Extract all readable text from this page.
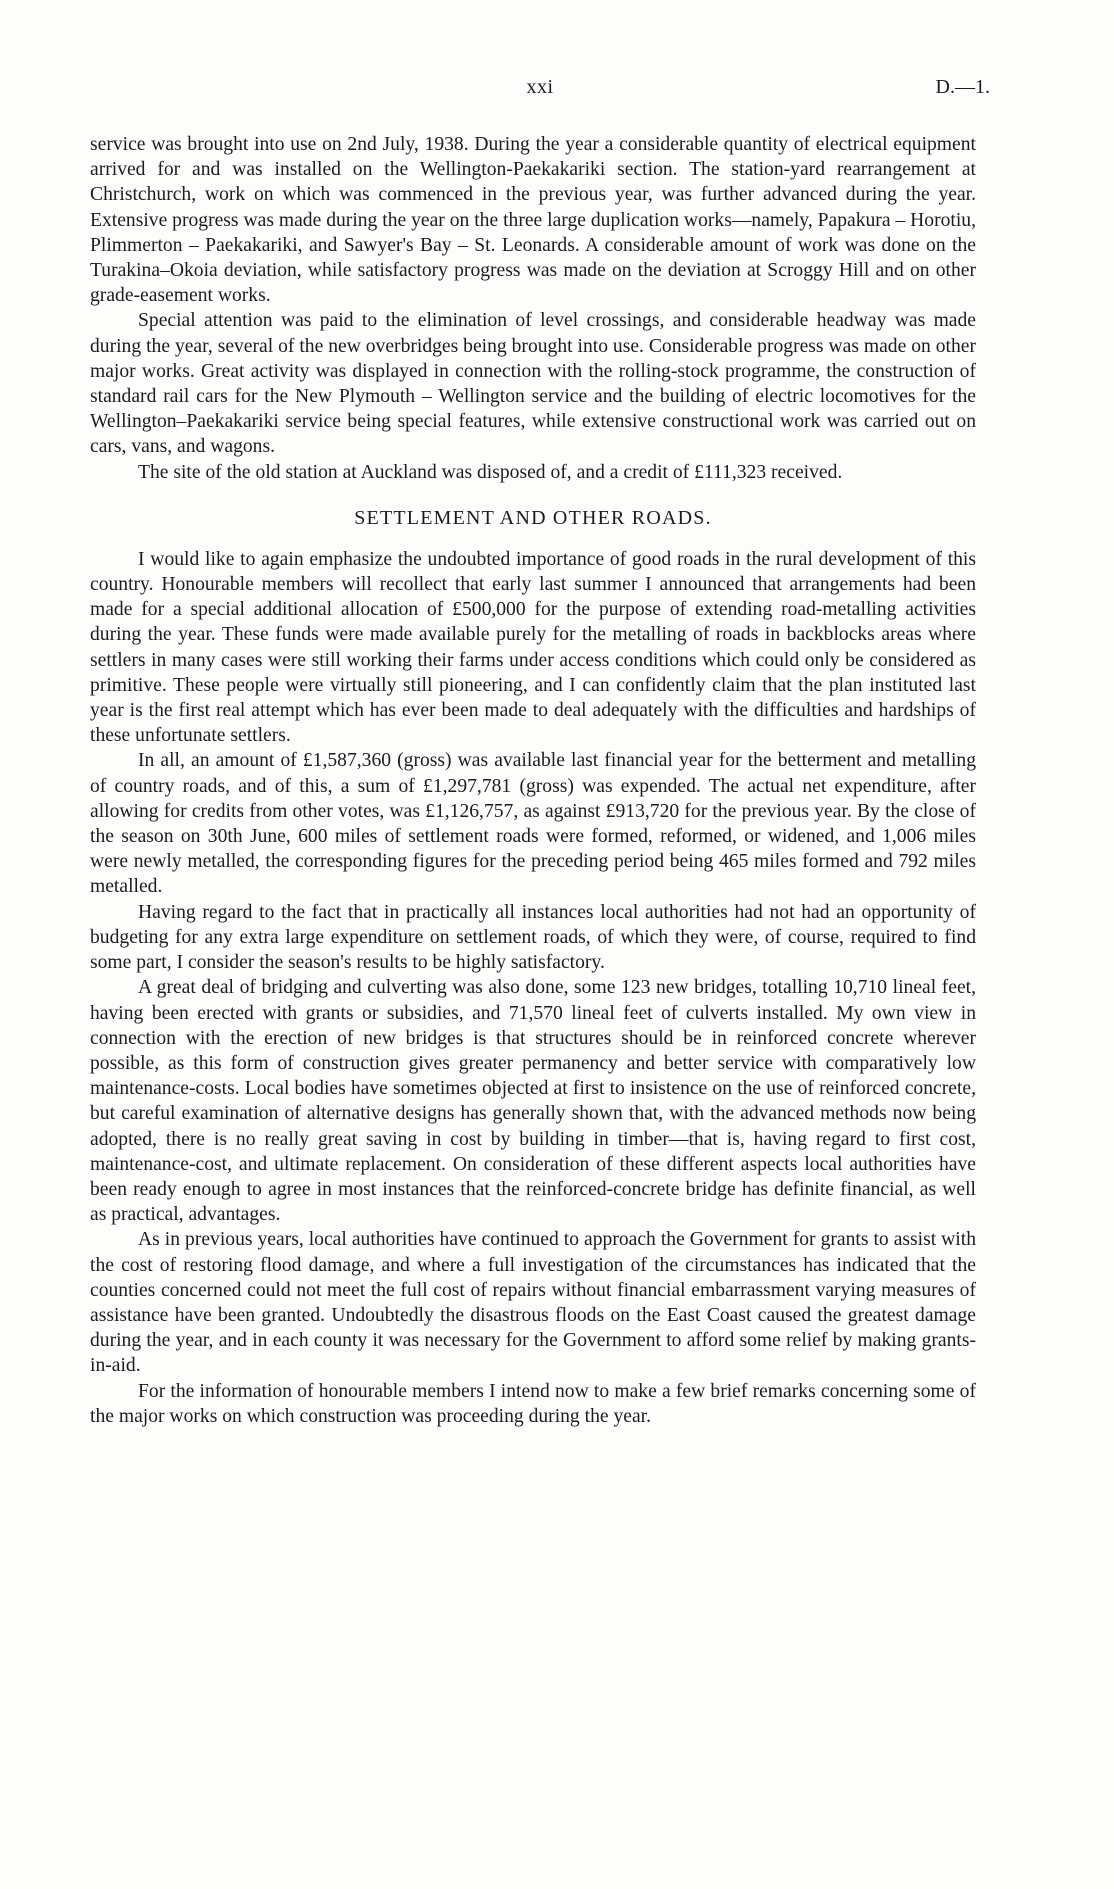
xxi	D.—1.

service was brought into use on 2nd July, 1938. During the year a considerable quantity of electrical equipment arrived for and was installed on the Wellington-Paekakariki section. The station-yard rearrangement at Christchurch, work on which was commenced in the previous year, was further advanced during the year. Extensive progress was made during the year on the three large duplication works—namely, Papakura – Horotiu, Plimmerton – Paekakariki, and Sawyer's Bay – St. Leonards. A considerable amount of work was done on the Turakina–Okoia deviation, while satisfactory progress was made on the deviation at Scroggy Hill and on other grade-easement works.

Special attention was paid to the elimination of level crossings, and considerable headway was made during the year, several of the new overbridges being brought into use. Considerable progress was made on other major works. Great activity was displayed in connection with the rolling-stock programme, the construction of standard rail cars for the New Plymouth – Wellington service and the building of electric locomotives for the Wellington–Paekakariki service being special features, while extensive constructional work was carried out on cars, vans, and wagons.

The site of the old station at Auckland was disposed of, and a credit of £111,323 received.

SETTLEMENT AND OTHER ROADS.

I would like to again emphasize the undoubted importance of good roads in the rural development of this country. Honourable members will recollect that early last summer I announced that arrangements had been made for a special additional allocation of £500,000 for the purpose of extending road-metalling activities during the year. These funds were made available purely for the metalling of roads in backblocks areas where settlers in many cases were still working their farms under access conditions which could only be considered as primitive. These people were virtually still pioneering, and I can confidently claim that the plan instituted last year is the first real attempt which has ever been made to deal adequately with the difficulties and hardships of these unfortunate settlers.

In all, an amount of £1,587,360 (gross) was available last financial year for the betterment and metalling of country roads, and of this, a sum of £1,297,781 (gross) was expended. The actual net expenditure, after allowing for credits from other votes, was £1,126,757, as against £913,720 for the previous year. By the close of the season on 30th June, 600 miles of settlement roads were formed, reformed, or widened, and 1,006 miles were newly metalled, the corresponding figures for the preceding period being 465 miles formed and 792 miles metalled.

Having regard to the fact that in practically all instances local authorities had not had an opportunity of budgeting for any extra large expenditure on settlement roads, of which they were, of course, required to find some part, I consider the season's results to be highly satisfactory.

A great deal of bridging and culverting was also done, some 123 new bridges, totalling 10,710 lineal feet, having been erected with grants or subsidies, and 71,570 lineal feet of culverts installed. My own view in connection with the erection of new bridges is that structures should be in reinforced concrete wherever possible, as this form of construction gives greater permanency and better service with comparatively low maintenance-costs. Local bodies have sometimes objected at first to insistence on the use of reinforced concrete, but careful examination of alternative designs has generally shown that, with the advanced methods now being adopted, there is no really great saving in cost by building in timber—that is, having regard to first cost, maintenance-cost, and ultimate replacement. On consideration of these different aspects local authorities have been ready enough to agree in most instances that the reinforced-concrete bridge has definite financial, as well as practical, advantages.

As in previous years, local authorities have continued to approach the Government for grants to assist with the cost of restoring flood damage, and where a full investigation of the circumstances has indicated that the counties concerned could not meet the full cost of repairs without financial embarrassment varying measures of assistance have been granted. Undoubtedly the disastrous floods on the East Coast caused the greatest damage during the year, and in each county it was necessary for the Government to afford some relief by making grants-in-aid.

For the information of honourable members I intend now to make a few brief remarks concerning some of the major works on which construction was proceeding during the year.
